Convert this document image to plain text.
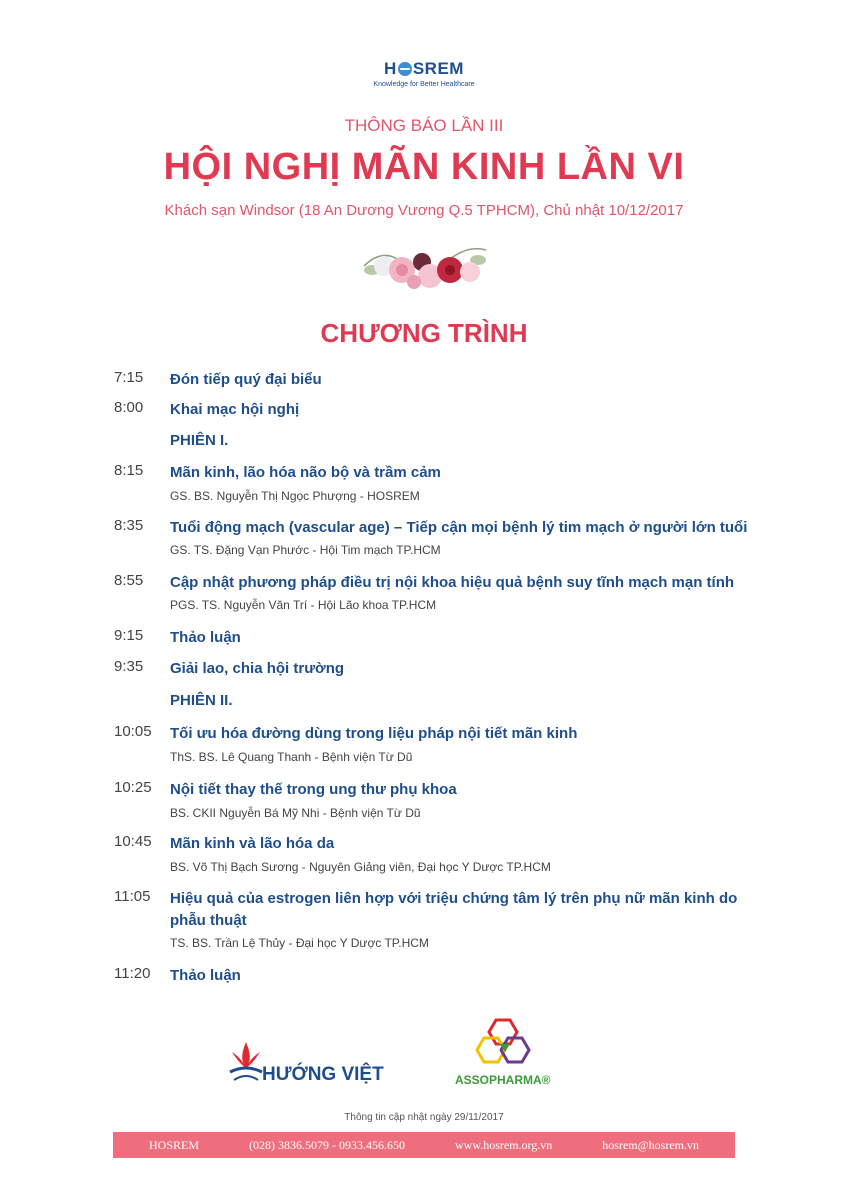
H SREM
Knowledge for Better Healthcare
THÔNG BÁO LẦN III
HỘI NGHỊ MÃN KINH LẦN VI
Khách sạn Windsor (18 An Dương Vương Q.5 TPHCM), Chủ nhật 10/12/2017
CHƯƠNG TRÌNH
7:15 Đón tiếp quý đại biểu
8:00 Khai mạc hội nghị
PHIÊN I.
8:15 Mãn kinh, lão hóa não bộ và trầm cảm
GS. BS. Nguyễn Thị Ngọc Phượng - HOSREM
8:35 Tuổi động mạch (vascular age) – Tiếp cận mọi bệnh lý tim mạch ở người lớn tuổi
GS. TS. Đặng Vạn Phước - Hội Tim mạch TP.HCM
8:55 Cập nhật phương pháp điều trị nội khoa hiệu quả bệnh suy tĩnh mạch mạn tính
PGS. TS. Nguyễn Văn Trí - Hội Lão khoa TP.HCM
9:15 Thảo luận
9:35 Giải lao, chia hội trường
PHIÊN II.
10:05 Tối ưu hóa đường dùng trong liệu pháp nội tiết mãn kinh
ThS. BS. Lê Quang Thanh - Bệnh viện Từ Dũ
10:25 Nội tiết thay thế trong ung thư phụ khoa
BS. CKII Nguyễn Bá Mỹ Nhi - Bệnh viện Từ Dũ
10:45 Mãn kinh và lão hóa da
BS. Võ Thị Bạch Sương - Nguyên Giảng viên, Đại học Y Dược TP.HCM
11:05 Hiệu quả của estrogen liên hợp với triệu chứng tâm lý trên phụ nữ mãn kinh do phẫu thuật
TS. BS. Trần Lệ Thủy - Đại học Y Dược TP.HCM
11:20 Thảo luận
HƯỚNG VIỆT	ASSOPHARMA®
Thông tin cập nhật ngày 29/11/2017
HOSREM	(028) 3836.5079 - 0933.456.650	www.hosrem.org.vn	hosrem@hosrem.vn
